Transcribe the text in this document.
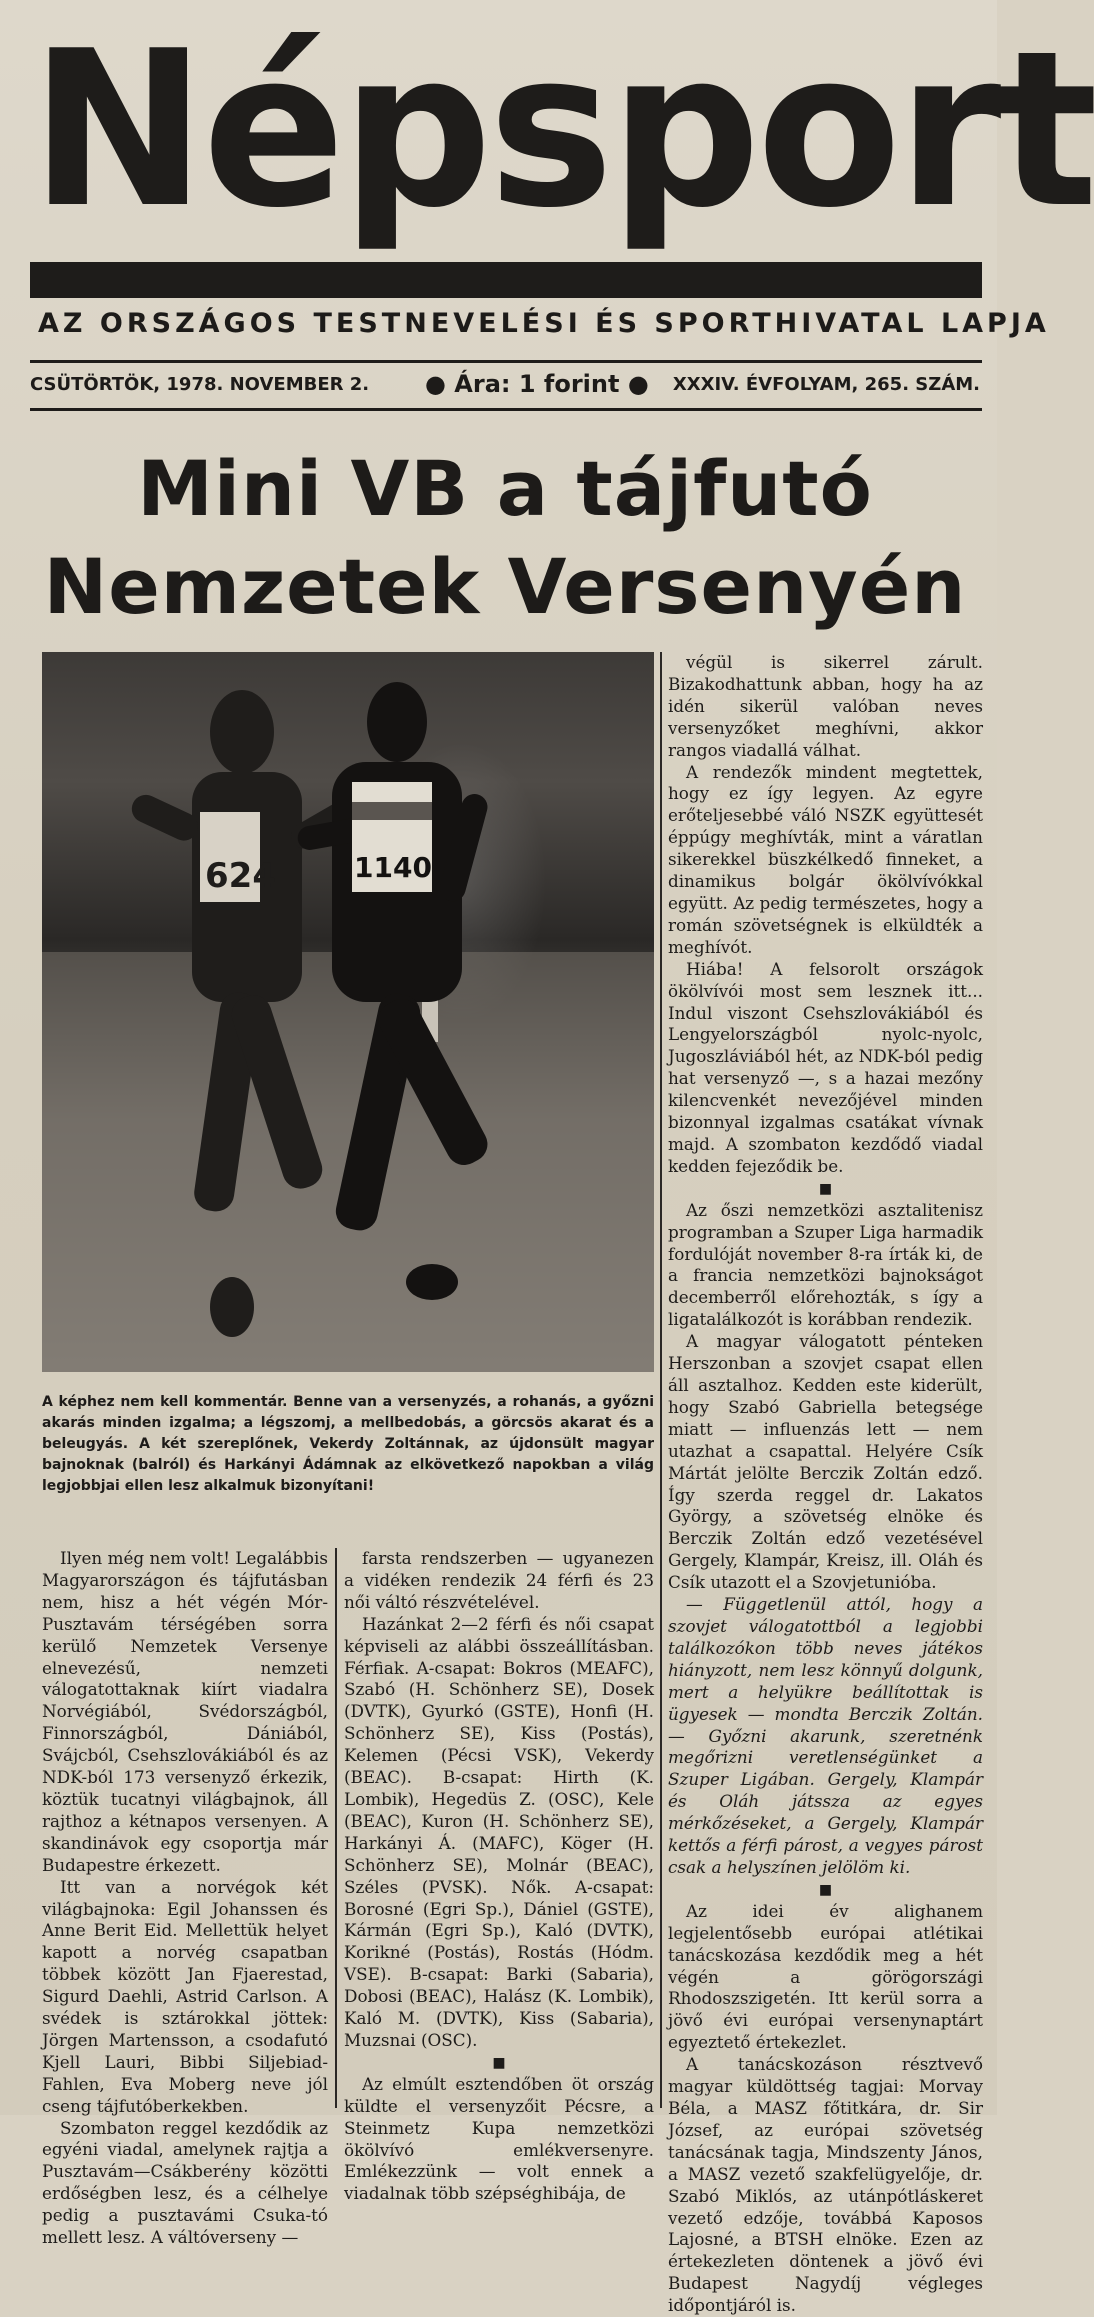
Népsport
AZ ORSZÁGOS TESTNEVELÉSI ÉS SPORTHIVATAL LAPJA
CSÜTÖRTÖK, 1978. NOVEMBER 2. ● Ára: 1 forint ● XXXIV. ÉVFOLYAM, 265. SZÁM.
Mini VB a tájfutó
Nemzetek Versenyén
624	1140
A képhez nem kell kommentár. Benne van a versenyzés, a rohanás, a győzni akarás minden izgalma; a légszomj, a mellbedobás, a görcsös akarat és a beleugyás. A két szereplőnek, Vekerdy Zoltánnak, az újdonsült magyar bajnoknak (balról) és Harkányi Ádámnak az elkövetkező napokban a világ legjobbjai ellen lesz alkalmuk bizonyítani!

Ilyen még nem volt! Legalábbis Magyarországon és tájfutásban nem, hisz a hét végén Mór-Pusztavám térségében sorra kerülő Nemzetek Versenye elnevezésű, nemzeti válogatottaknak kiírt viadalra Norvégiából, Svédországból, Finnországból, Dániából, Svájcból, Csehszlovákiából és az NDK-ból 173 versenyző érkezik, köztük tucatnyi világbajnok, áll rajthoz a kétnapos versenyen. A skandinávok egy csoportja már Budapestre érkezett.

Itt van a norvégok két világbajnoka: Egil Johanssen és Anne Berit Eid. Mellettük helyet kapott a norvég csapatban többek között Jan Fjaerestad, Sigurd Daehli, Astrid Carlson. A svédek is sztárokkal jöttek: Jörgen Martensson, a csodafutó Kjell Lauri, Bibbi Siljebiad-Fahlen, Eva Moberg neve jól cseng tájfutóberkekben.

Szombaton reggel kezdődik az egyéni viadal, amelynek rajtja a Pusztavám—Csákberény közötti erdőségben lesz, és a célhelye pedig a pusztavámi Csuka-tó mellett lesz. A váltóverseny —

farsta rendszerben — ugyanezen a vidéken rendezik 24 férfi és 23 női váltó részvételével.

Hazánkat 2—2 férfi és női csapat képviseli az alábbi összeállításban. Férfiak. A-csapat: Bokros (MEAFC), Szabó (H. Schönherz SE), Dosek (DVTK), Gyurkó (GSTE), Honfi (H. Schönherz SE), Kiss (Postás), Kelemen (Pécsi VSK), Vekerdy (BEAC). B-csapat: Hirth (K. Lombik), Hegedüs Z. (OSC), Kele (BEAC), Kuron (H. Schönherz SE), Harkányi Á. (MAFC), Köger (H. Schönherz SE), Molnár (BEAC), Széles (PVSK). Nők. A-csapat: Borosné (Egri Sp.), Dániel (GSTE), Kármán (Egri Sp.), Kaló (DVTK), Korikné (Postás), Rostás (Hódm. VSE). B-csapat: Barki (Sabaria), Dobosi (BEAC), Halász (K. Lombik), Kaló M. (DVTK), Kiss (Sabaria), Muzsnai (OSC).

■

Az elmúlt esztendőben öt ország küldte el versenyzőit Pécsre, a Steinmetz Kupa nemzetközi ökölvívó emlékversenyre. Emlékezzünk — volt ennek a viadalnak több szépséghibája, de

végül is sikerrel zárult. Bizakodhattunk abban, hogy ha az idén sikerül valóban neves versenyzőket meghívni, akkor rangos viadallá válhat.

A rendezők mindent megtettek, hogy ez így legyen. Az egyre erőteljesebbé váló NSZK együttesét éppúgy meghívták, mint a váratlan sikerekkel büszkélkedő finneket, a dinamikus bolgár ökölvívókkal együtt. Az pedig természetes, hogy a román szövetségnek is elküldték a meghívót.

Hiába! A felsorolt országok ökölvívói most sem lesznek itt... Indul viszont Csehszlovákiából és Lengyelországból nyolc-nyolc, Jugoszláviából hét, az NDK-ból pedig hat versenyző —, s a hazai mezőny kilencvenkét nevezőjével minden bizonnyal izgalmas csatákat vívnak majd. A szombaton kezdődő viadal kedden fejeződik be.

■

Az őszi nemzetközi asztalitenisz programban a Szuper Liga harmadik fordulóját november 8-ra írták ki, de a francia nemzetközi bajnokságot decemberről előrehozták, s így a ligatalálkozót is korábban rendezik.

A magyar válogatott pénteken Herszonban a szovjet csapat ellen áll asztalhoz. Kedden este kiderült, hogy Szabó Gabriella betegsége miatt — influenzás lett — nem utazhat a csapattal. Helyére Csík Mártát jelölte Berczik Zoltán edző. Így szerda reggel dr. Lakatos György, a szövetség elnöke és Berczik Zoltán edző vezetésével Gergely, Klampár, Kreisz, ill. Oláh és Csík utazott el a Szovjetunióba.

— Függetlenül attól, hogy a szovjet válogatottból a legjobbi találkozókon több neves játékos hiányzott, nem lesz könnyű dolgunk, mert a helyükre beállítottak is ügyesek — mondta Berczik Zoltán. — Győzni akarunk, szeretnénk megőrizni veretlenségünket a Szuper Ligában. Gergely, Klampár és Oláh játssza az egyes mérkőzéseket, a Gergely, Klampár kettős a férfi párost, a vegyes párost csak a helyszínen jelölöm ki.

■

Az idei év alighanem legjelentősebb európai atlétikai tanácskozása kezdődik meg a hét végén a görögországi Rhodoszszigetén. Itt kerül sorra a jövő évi európai versenynaptárt egyeztető értekezlet.

A tanácskozáson résztvevő magyar küldöttség tagjai: Morvay Béla, a MASZ főtitkára, dr. Sir József, az európai szövetség tanácsának tagja, Mindszenty János, a MASZ vezető szakfelügyelője, dr. Szabó Miklós, az utánpótláskeret vezető edzője, továbbá Kaposos Lajosné, a BTSH elnöke. Ezen az értekezleten döntenek a jövő évi Budapest Nagydíj végleges időpontjáról is.
